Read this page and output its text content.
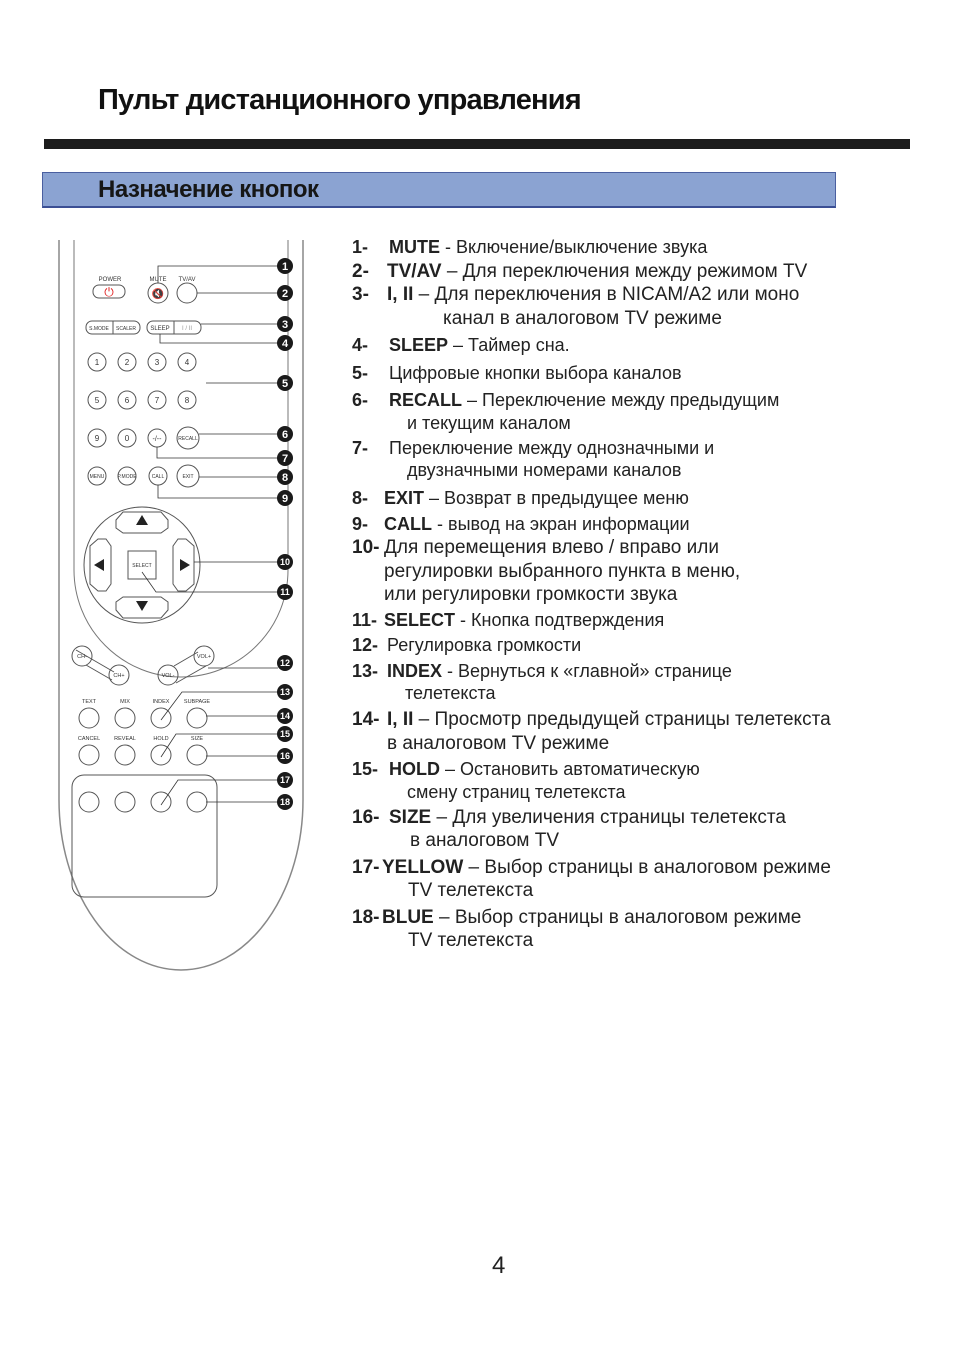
Пульт дистанционного управления
Назначение кнопок
POWER
⏻
MUTE
🔇
TV/AV
S.MODE SCALER SLEEP I / II
1	2	3	4
5	6	7	8
9	0	-/--	RECALL
MENU	P.MODE	CALL	EXIT
SELECT
CH-
CH+	VOL-
VOL+
TEXT	MIX	INDEX	SUBPAGE
CANCEL	REVEAL	HOLD	SIZE
1
2
3
4
5
6
7
8
9
10
11
12
13
14
15
16
17
18
1- MUTE - Включение/выключение звука
2- TV/AV – Для переключения между режимом TV
3- I, II – Для переключения в NICAM/A2 или моно
канал в аналоговом TV режиме
4- SLEEP – Таймер сна.
5- Цифровые кнопки выбора каналов
6- RECALL – Переключение между предыдущим
и текущим каналом
7- Переключение между однозначными и
двузначными номерами каналов
8- EXIT – Возврат в предыдущее меню
9- CALL - вывод на экран информации
10- Для перемещения влево / вправо или
регулировки выбранного пункта в меню,
или регулировки громкости звука
11- SELECT - Кнопка подтверждения
12- Регулировка громкости
13- INDEX - Вернуться к «главной» странице
телетекста
14- I, II – Просмотр предыдущей страницы телетекста
в аналоговом TV режиме
15- HOLD – Остановить автоматическую
смену страниц телетекста
16- SIZE – Для увеличения страницы телетекста
в аналоговом TV
17- YELLOW – Выбор страницы в аналоговом режиме
TV телетекста
18- BLUE – Выбор страницы в аналоговом режиме
TV телетекста
4
